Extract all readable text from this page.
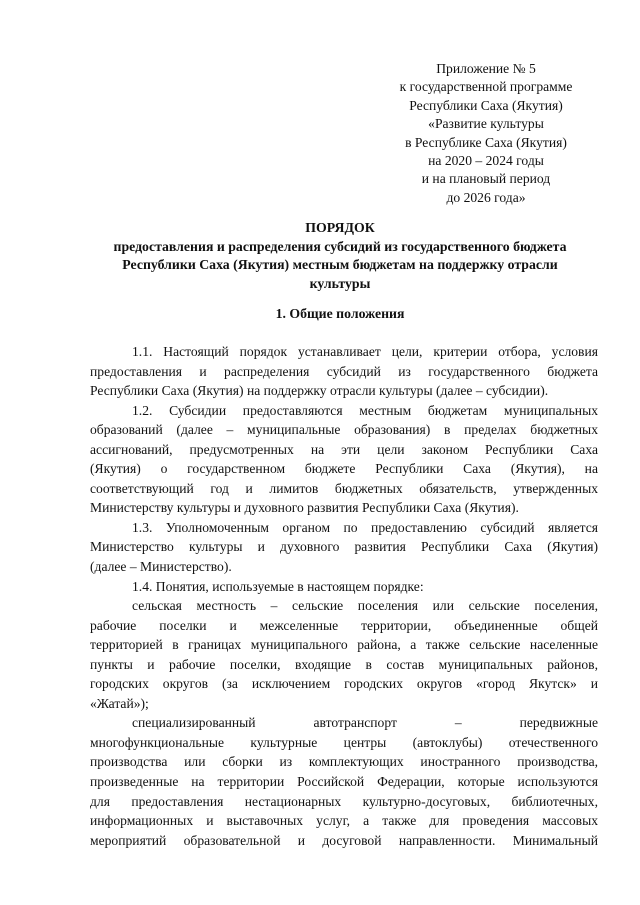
Приложение № 5
к государственной программе
Республики Саха (Якутия)
«Развитие культуры
в Республике Саха (Якутия)
на 2020 – 2024 годы
и на плановый период
до 2026 года»
ПОРЯДОК
предоставления и распределения субсидий из государственного бюджета
Республики Саха (Якутия) местным бюджетам на поддержку отрасли
культуры
1. Общие положения
1.1. Настоящий порядок устанавливает цели, критерии отбора, условия
предоставления и распределения субсидий из государственного бюджета
Республики Саха (Якутия) на поддержку отрасли культуры (далее – субсидии).
1.2. Субсидии предоставляются местным бюджетам муниципальных
образований (далее – муниципальные образования) в пределах бюджетных
ассигнований, предусмотренных на эти цели законом Республики Саха
(Якутия) о государственном бюджете Республики Саха (Якутия), на
соответствующий год и лимитов бюджетных обязательств, утвержденных
Министерству культуры и духовного развития Республики Саха (Якутия).
1.3. Уполномоченным органом по предоставлению субсидий является
Министерство культуры и духовного развития Республики Саха (Якутия)
(далее – Министерство).
1.4. Понятия, используемые в настоящем порядке:
сельская местность – сельские поселения или сельские поселения,
рабочие поселки и межселенные территории, объединенные общей
территорией в границах муниципального района, а также сельские населенные
пункты и рабочие поселки, входящие в состав муниципальных районов,
городских округов (за исключением городских округов «город Якутск» и
«Жатай»);
специализированный автотранспорт – передвижные
многофункциональные культурные центры (автоклубы) отечественного
производства или сборки из комплектующих иностранного производства,
произведенные на территории Российской Федерации, которые используются
для предоставления нестационарных культурно-досуговых, библиотечных,
информационных и выставочных услуг, а также для проведения массовых
мероприятий образовательной и досуговой направленности. Минимальный
